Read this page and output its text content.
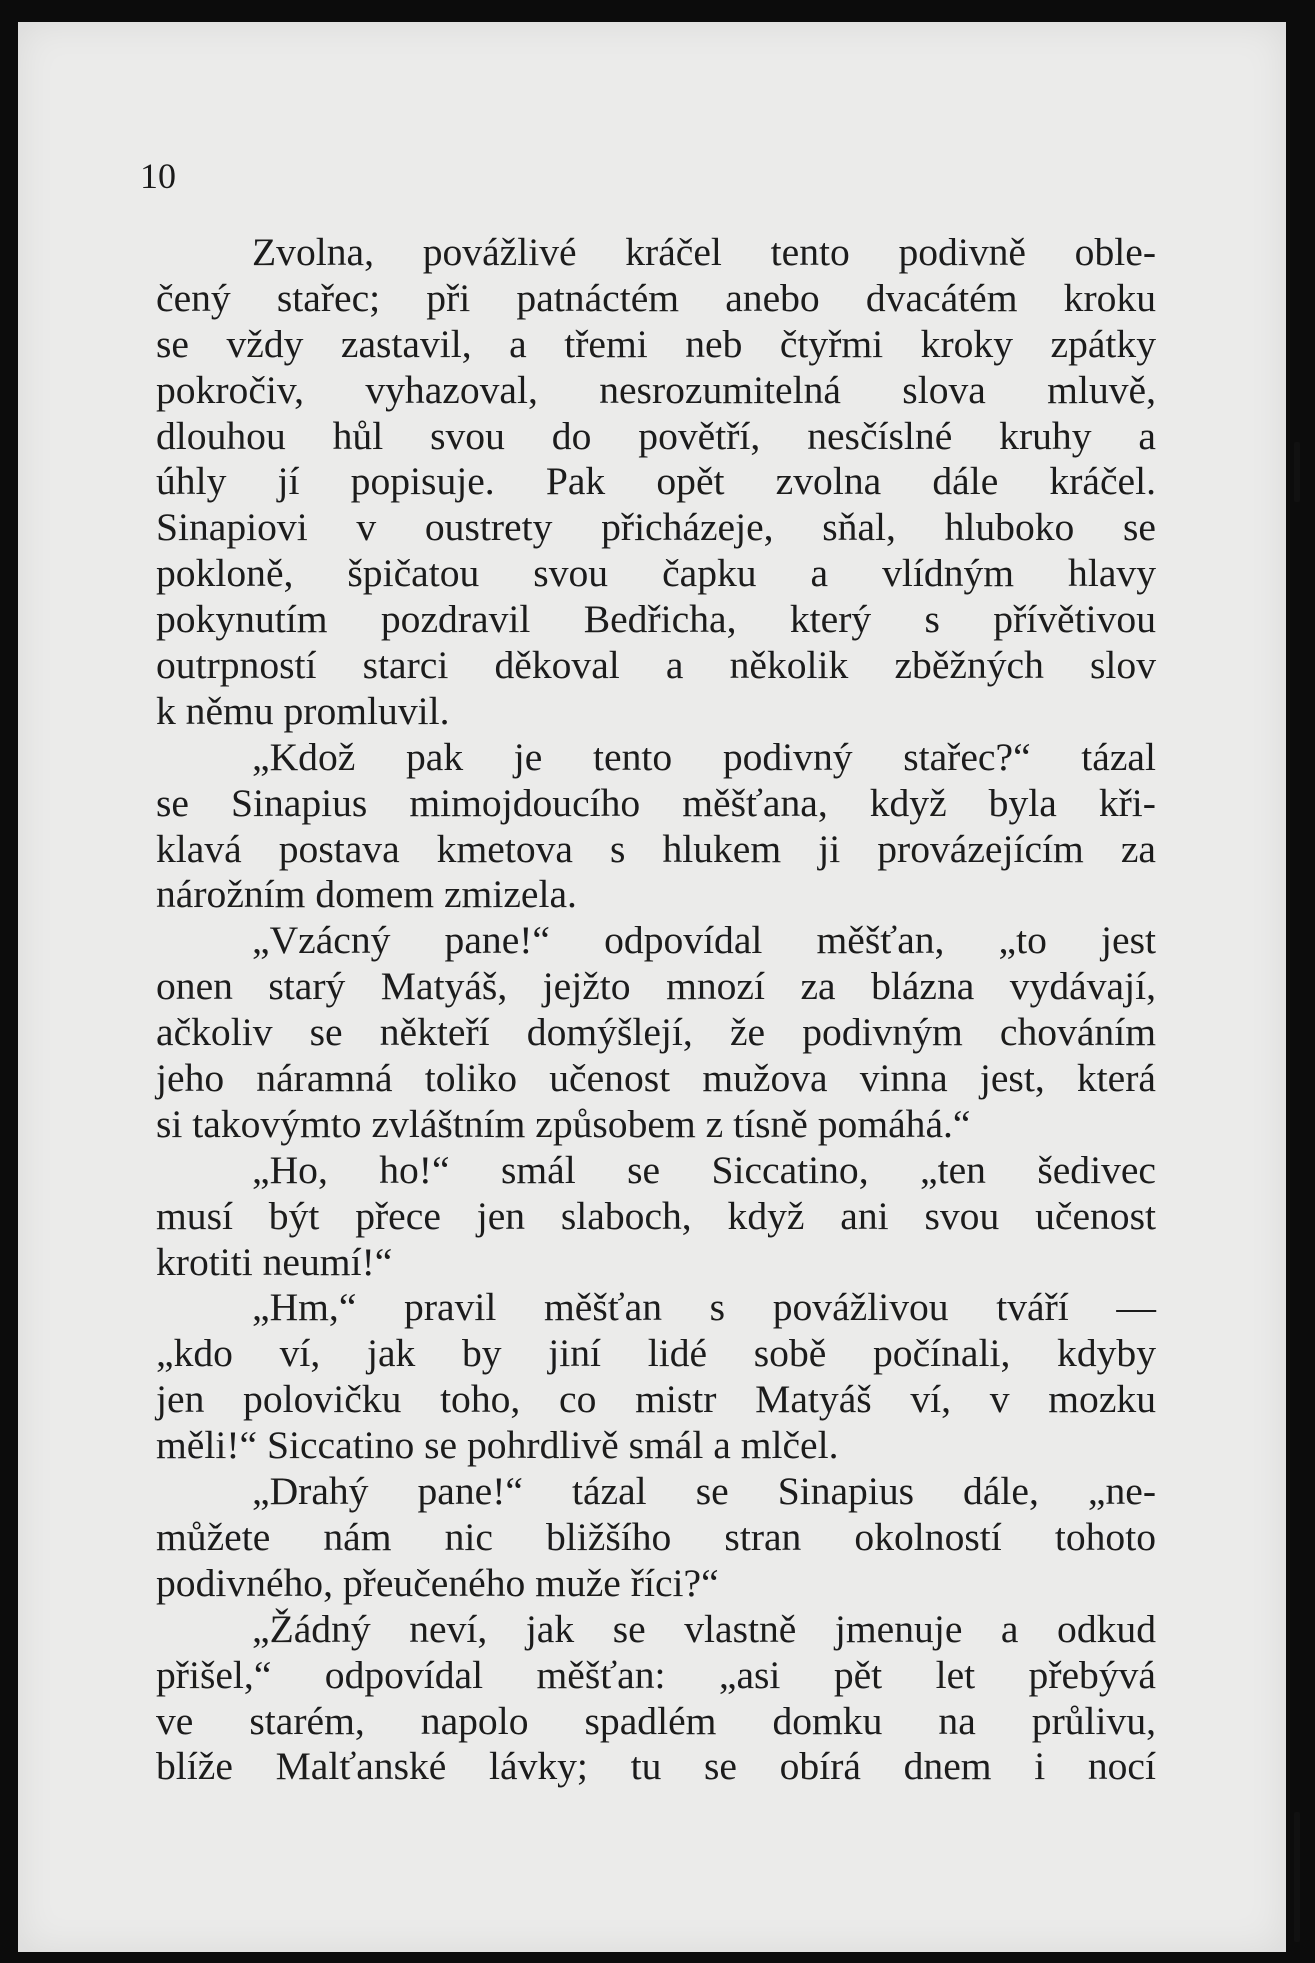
10

Zvolna, povážlivé kráčel tento podivně oble-
čený stařec; při patnáctém anebo dvacátém kroku
se vždy zastavil, a třemi neb čtyřmi kroky zpátky
pokročiv, vyhazoval, nesrozumitelná slova mluvě,
dlouhou hůl svou do povětří, nesčíslné kruhy a
úhly jí popisuje. Pak opět zvolna dále kráčel.
Sinapiovi v oustrety přicházeje, sňal, hluboko se
pokloně, špičatou svou čapku a vlídným hlavy
pokynutím pozdravil Bedřicha, který s přívětivou
outrpností starci děkoval a několik zběžných slov
k němu promluvil.
„Kdož pak je tento podivný stařec?“ tázal
se Sinapius mimojdoucího měšťana, když byla kři-
klavá postava kmetova s hlukem ji provázejícím za
nárožním domem zmizela.
„Vzácný pane!“ odpovídal měšťan, „to jest
onen starý Matyáš, jejžto mnozí za blázna vydávají,
ačkoliv se někteří domýšlejí, že podivným chováním
jeho náramná toliko učenost mužova vinna jest, která
si takovýmto zvláštním způsobem z tísně pomáhá.“
„Ho, ho!“ smál se Siccatino, „ten šedivec
musí být přece jen slaboch, když ani svou učenost
krotiti neumí!“
„Hm,“ pravil měšťan s povážlivou tváří —
„kdo ví, jak by jiní lidé sobě počínali, kdyby
jen polovičku toho, co mistr Matyáš ví, v mozku
měli!“ Siccatino se pohrdlivě smál a mlčel.
„Drahý pane!“ tázal se Sinapius dále, „ne-
můžete nám nic bližšího stran okolností tohoto
podivného, přeučeného muže říci?“
„Žádný neví, jak se vlastně jmenuje a odkud
přišel,“ odpovídal měšťan: „asi pět let přebývá
ve starém, napolo spadlém domku na průlivu,
blíže Malťanské lávky; tu se obírá dnem i nocí
